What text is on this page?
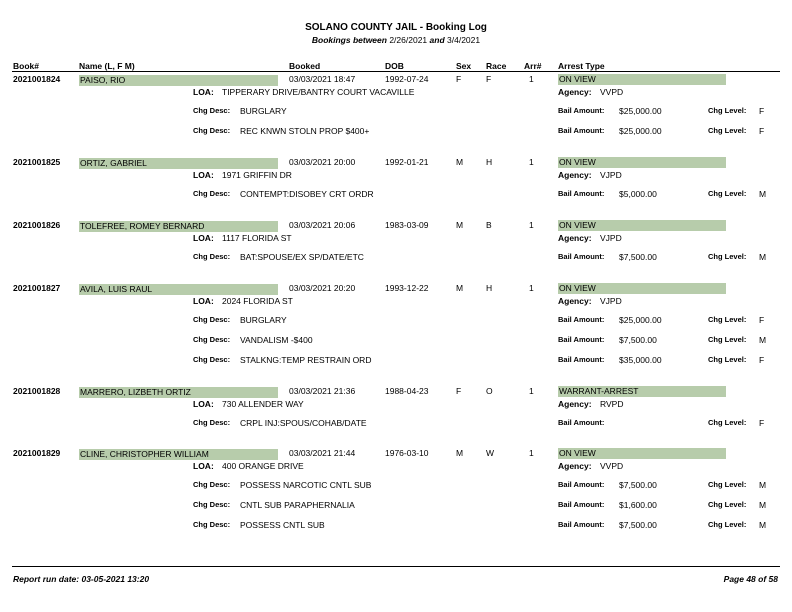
SOLANO COUNTY JAIL - Booking Log
Bookings between 2/26/2021 and 3/4/2021
Book#	Name (L, F M)	Booked	DOB	Sex Race Arr# Arrest Type
2021001824 PAISO, RIO	03/03/2021 18:47	1992-07-24	F	F	1	ON VIEW
LOA: TIPPERARY DRIVE/BANTRY COURT VACAVILLE	Agency: VVPD
Chg Desc: BURGLARY	Bail Amount: $25,000.00	Chg Level: F
Chg Desc: REC KNWN STOLN PROP $400+	Bail Amount: $25,000.00	Chg Level: F
2021001825 ORTIZ, GABRIEL	03/03/2021 20:00	1992-01-21	M	H	1	ON VIEW
LOA: 1971 GRIFFIN DR	Agency: VJPD
Chg Desc: CONTEMPT:DISOBEY CRT ORDR	Bail Amount: $5,000.00	Chg Level: M
2021001826 TOLEFREE, ROMEY BERNARD	03/03/2021 20:06	1983-03-09	M	B	1	ON VIEW
LOA: 1117 FLORIDA ST	Agency: VJPD
Chg Desc: BAT:SPOUSE/EX SP/DATE/ETC	Bail Amount: $7,500.00	Chg Level: M
2021001827 AVILA, LUIS RAUL	03/03/2021 20:20	1993-12-22	M	H	1	ON VIEW
LOA: 2024 FLORIDA ST	Agency: VJPD
Chg Desc: BURGLARY	Bail Amount: $25,000.00	Chg Level: F
Chg Desc: VANDALISM -$400	Bail Amount: $7,500.00	Chg Level: M
Chg Desc: STALKNG:TEMP RESTRAIN ORD	Bail Amount: $35,000.00	Chg Level: F
2021001828 MARRERO, LIZBETH ORTIZ	03/03/2021 21:36	1988-04-23	F	O	1	WARRANT-ARREST
LOA: 730 ALLENDER WAY	Agency: RVPD
Chg Desc: CRPL INJ:SPOUS/COHAB/DATE	Bail Amount:	Chg Level: F
2021001829 CLINE, CHRISTOPHER WILLIAM	03/03/2021 21:44	1976-03-10	M	W	1	ON VIEW
LOA: 400 ORANGE DRIVE	Agency: VVPD
Chg Desc: POSSESS NARCOTIC CNTL SUB	Bail Amount: $7,500.00	Chg Level: M
Chg Desc: CNTL SUB PARAPHERNALIA	Bail Amount: $1,600.00	Chg Level: M
Chg Desc: POSSESS CNTL SUB	Bail Amount: $7,500.00	Chg Level: M
Report run date: 03-05-2021 13:20	Page 48 of 58
